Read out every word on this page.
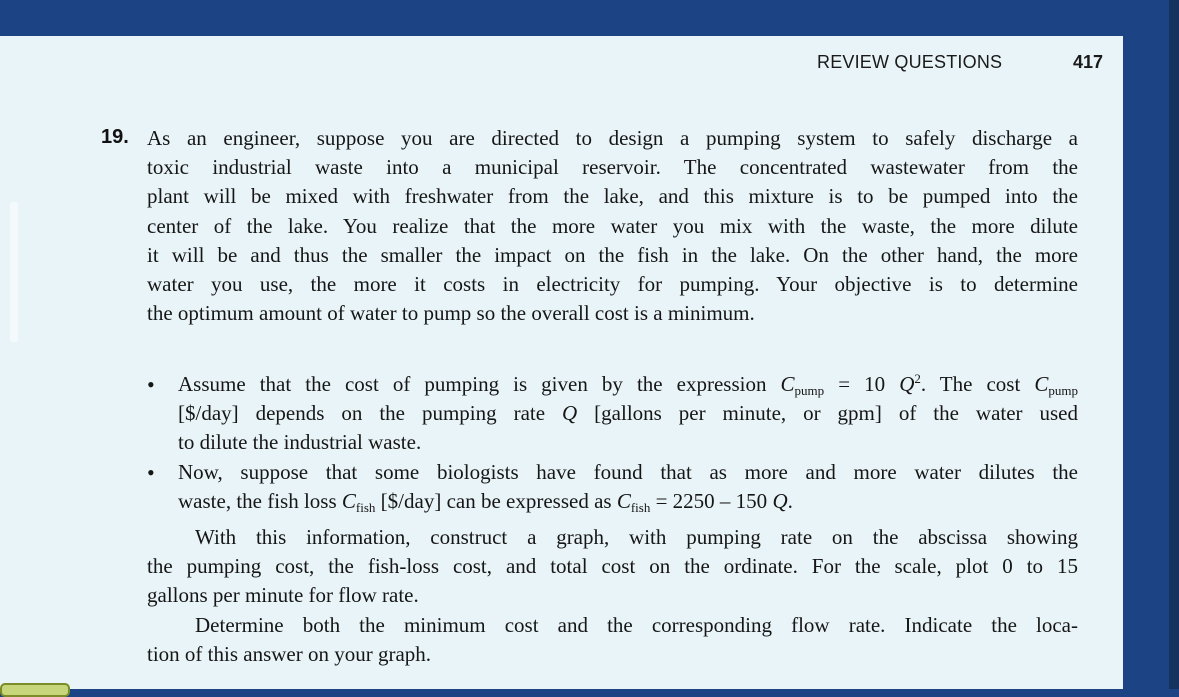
REVIEW QUESTIONS	417
19. As an engineer, suppose you are directed to design a pumping system to safely discharge a
toxic industrial waste into a municipal reservoir. The concentrated wastewater from the
plant will be mixed with freshwater from the lake, and this mixture is to be pumped into the
center of the lake. You realize that the more water you mix with the waste, the more dilute
it will be and thus the smaller the impact on the fish in the lake. On the other hand, the more
water you use, the more it costs in electricity for pumping. Your objective is to determine
the optimum amount of water to pump so the overall cost is a minimum.
• Assume that the cost of pumping is given by the expression $C_{pump} = 10$ $Q^2$. The cost $C_{pump}$
[$/day] depends on the pumping rate Q [gallons per minute, or gpm] of the water used
to dilute the industrial waste.
• Now, suppose that some biologists have found that as more and more water dilutes the
waste, the fish loss $C_{fish}$ [$/day] can be expressed as $C_{fish} = 2250 - 150$ Q.
With this information, construct a graph, with pumping rate on the abscissa showing
the pumping cost, the fish-loss cost, and total cost on the ordinate. For the scale, plot 0 to 15
gallons per minute for flow rate.
Determine both the minimum cost and the corresponding flow rate. Indicate the loca-
tion of this answer on your graph.
